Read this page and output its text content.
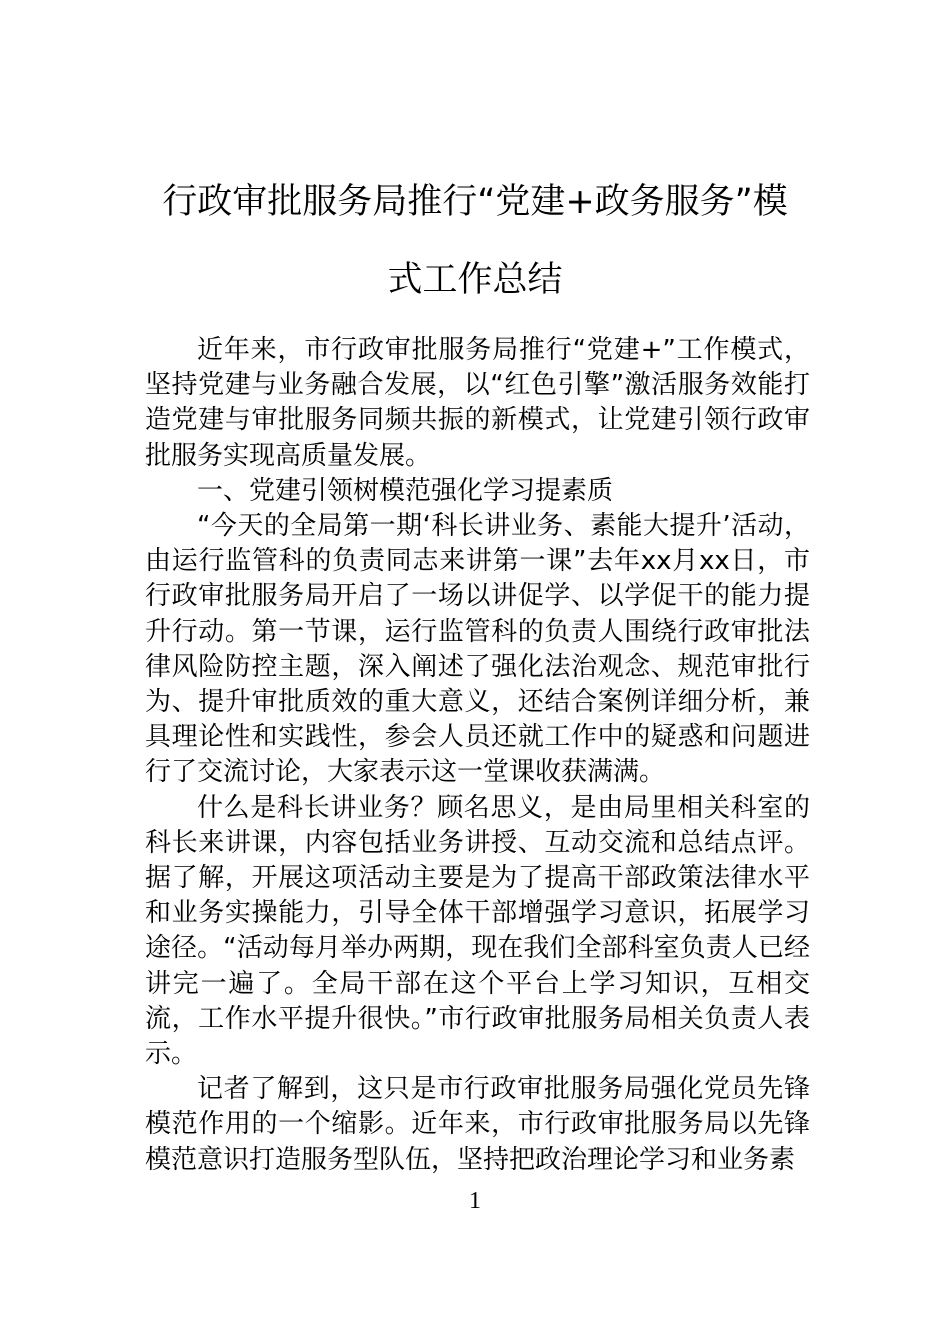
行政审批服务局推行“党建+政务服务”模
式工作总结

近年来，市行政审批服务局推行“党建+”工作模式，坚持党建与业务融合发展，以“红色引擎”激活服务效能打造党建与审批服务同频共振的新模式，让党建引领行政审批服务实现高质量发展。

一、党建引领树模范强化学习提素质

“今天的全局第一期‘科长讲业务、素能大提升’活动，由运行监管科的负责同志来讲第一课”去年xx月xx日，市行政审批服务局开启了一场以讲促学、以学促干的能力提升行动。第一节课，运行监管科的负责人围绕行政审批法律风险防控主题，深入阐述了强化法治观念、规范审批行为、提升审批质效的重大意义，还结合案例详细分析，兼具理论性和实践性，参会人员还就工作中的疑惑和问题进行了交流讨论，大家表示这一堂课收获满满。

什么是科长讲业务？顾名思义，是由局里相关科室的科长来讲课，内容包括业务讲授、互动交流和总结点评。据了解，开展这项活动主要是为了提高干部政策法律水平和业务实操能力，引导全体干部增强学习意识，拓展学习途径。“活动每月举办两期，现在我们全部科室负责人已经讲完一遍了。全局干部在这个平台上学习知识，互相交流，工作水平提升很快。”市行政审批服务局相关负责人表示。

记者了解到，这只是市行政审批服务局强化党员先锋模范作用的一个缩影。近年来，市行政审批服务局以先锋模范意识打造服务型队伍，坚持把政治理论学习和业务素

1
